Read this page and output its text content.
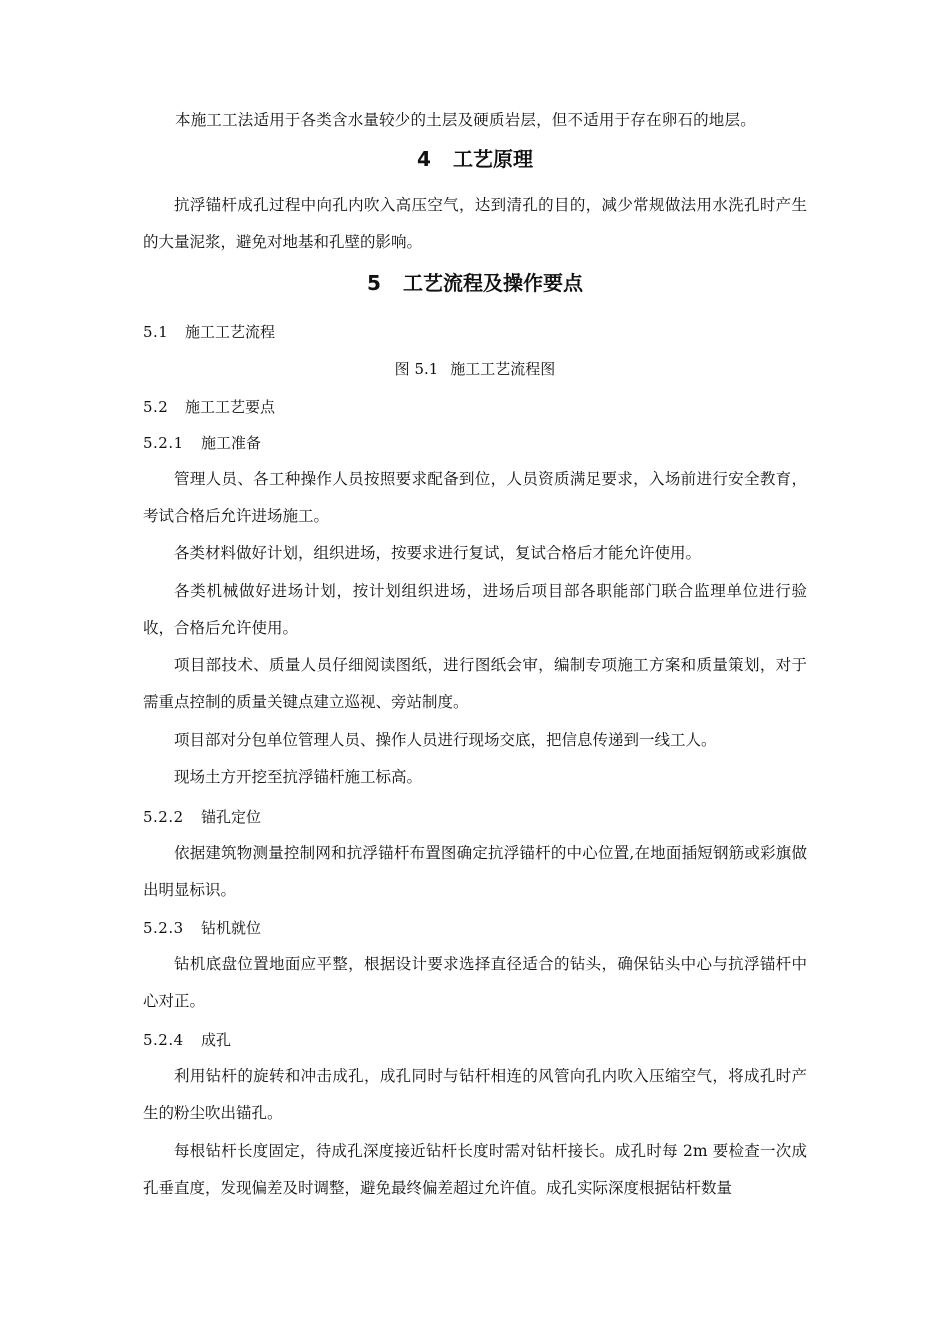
本施工工法适用于各类含水量较少的土层及硬质岩层，但不适用于存在卵石的地层。
4 工艺原理
抗浮锚杆成孔过程中向孔内吹入高压空气，达到清孔的目的，减少常规做法用水洗孔时产生的大量泥浆，避免对地基和孔壁的影响。
5 工艺流程及操作要点
5.1 施工工艺流程
图 5.1 施工工艺流程图
5.2 施工工艺要点
5.2.1 施工准备
管理人员、各工种操作人员按照要求配备到位，人员资质满足要求，入场前进行安全教育，考试合格后允许进场施工。
各类材料做好计划，组织进场，按要求进行复试，复试合格后才能允许使用。
各类机械做好进场计划，按计划组织进场，进场后项目部各职能部门联合监理单位进行验收，合格后允许使用。
项目部技术、质量人员仔细阅读图纸，进行图纸会审，编制专项施工方案和质量策划，对于需重点控制的质量关键点建立巡视、旁站制度。
项目部对分包单位管理人员、操作人员进行现场交底，把信息传递到一线工人。
现场土方开挖至抗浮锚杆施工标高。
5.2.2 锚孔定位
依据建筑物测量控制网和抗浮锚杆布置图确定抗浮锚杆的中心位置,在地面插短钢筋或彩旗做出明显标识。
5.2.3 钻机就位
钻机底盘位置地面应平整，根据设计要求选择直径适合的钻头，确保钻头中心与抗浮锚杆中心对正。
5.2.4 成孔
利用钻杆的旋转和冲击成孔，成孔同时与钻杆相连的风管向孔内吹入压缩空气，将成孔时产生的粉尘吹出锚孔。
每根钻杆长度固定，待成孔深度接近钻杆长度时需对钻杆接长。成孔时每 2m 要检查一次成孔垂直度，发现偏差及时调整，避免最终偏差超过允许值。成孔实际深度根据钻杆数量
